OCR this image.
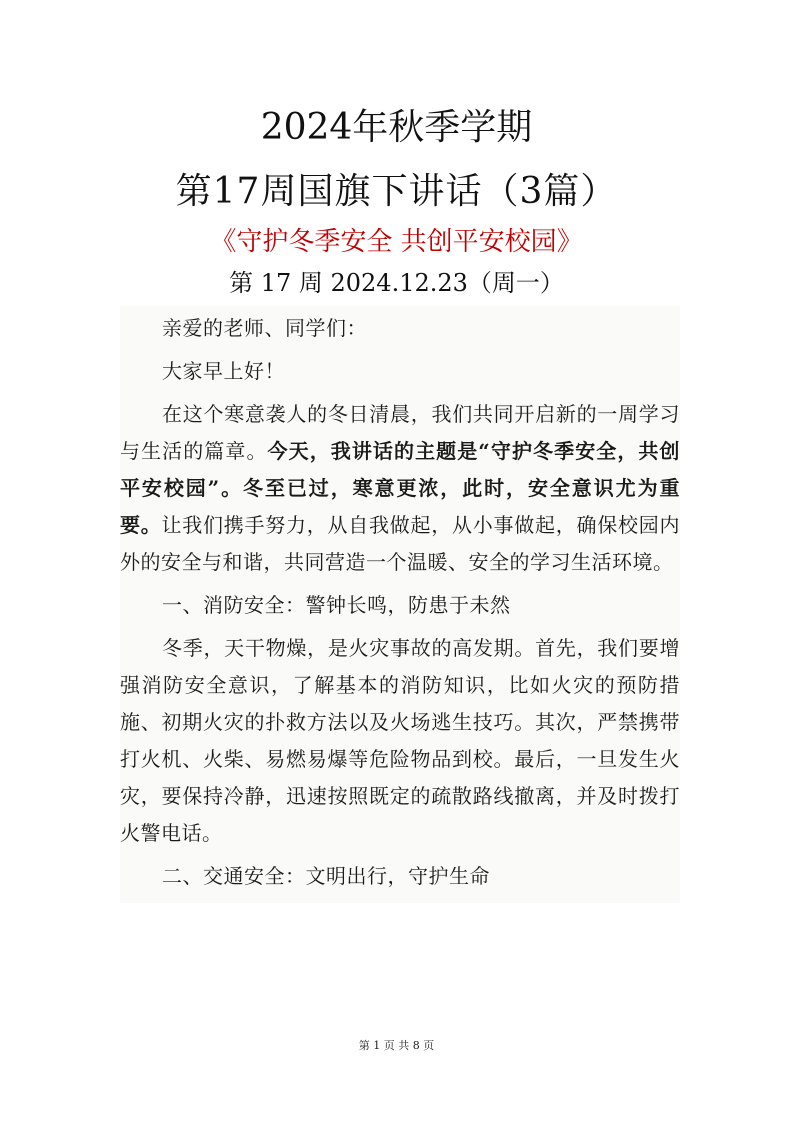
2024年秋季学期
第17周国旗下讲话（3篇）
《守护冬季安全 共创平安校园》
第 17 周 2024.12.23（周一）

亲爱的老师、同学们：

大家早上好！

在这个寒意袭人的冬日清晨，我们共同开启新的一周学习与生活的篇章。今天，我讲话的主题是“守护冬季安全，共创平安校园”。冬至已过，寒意更浓，此时，安全意识尤为重要。让我们携手努力，从自我做起，从小事做起，确保校园内外的安全与和谐，共同营造一个温暖、安全的学习生活环境。

一、消防安全：警钟长鸣，防患于未然

冬季，天干物燥，是火灾事故的高发期。首先，我们要增强消防安全意识，了解基本的消防知识，比如火灾的预防措施、初期火灾的扑救方法以及火场逃生技巧。其次，严禁携带打火机、火柴、易燃易爆等危险物品到校。最后，一旦发生火灾，要保持冷静，迅速按照既定的疏散路线撤离，并及时拨打火警电话。

二、交通安全：文明出行，守护生命

第 1 页 共 8 页
